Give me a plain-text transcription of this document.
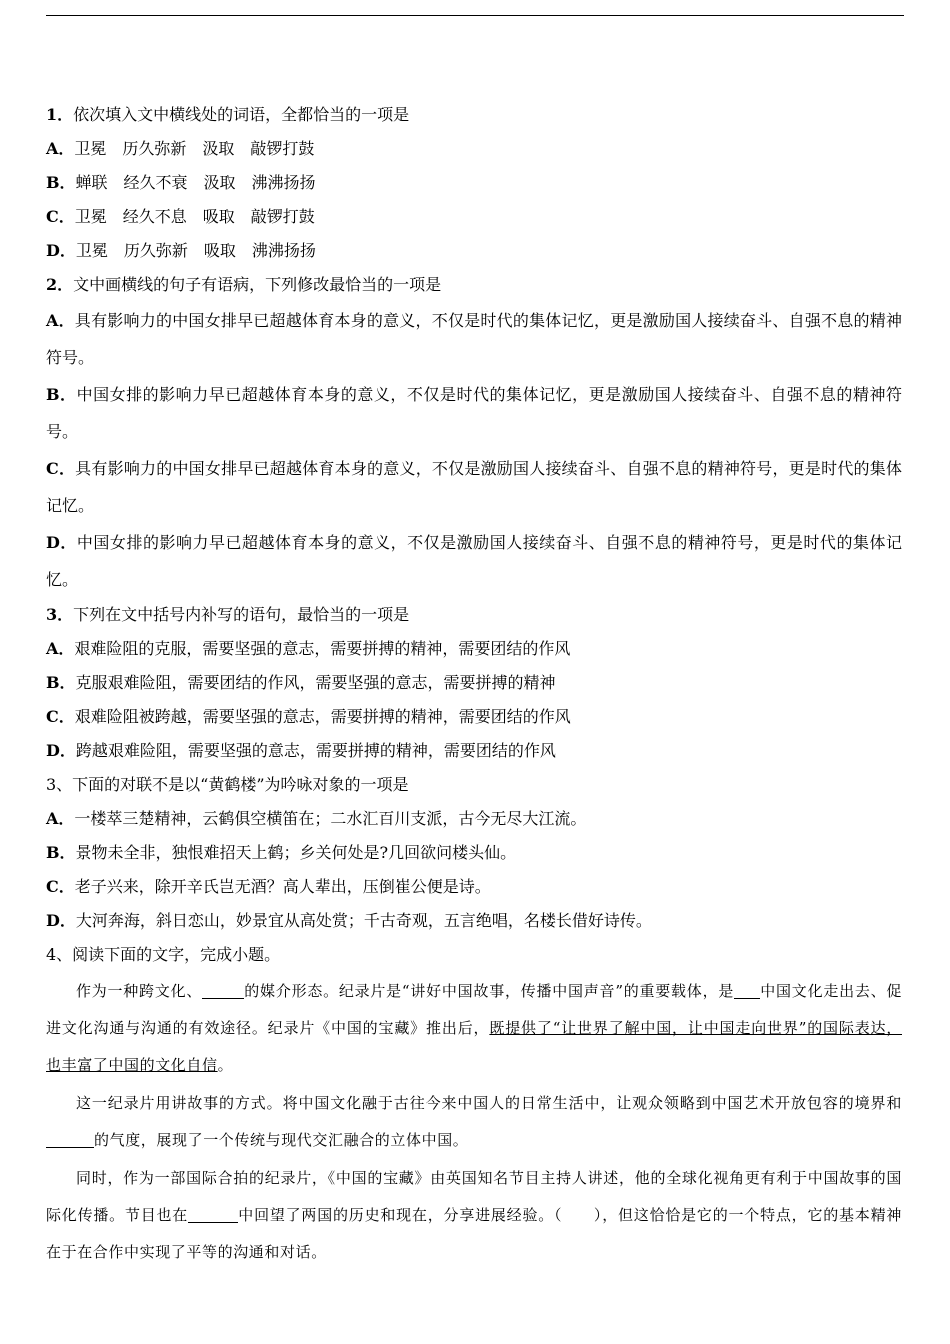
1．依次填入文中横线处的词语，全都恰当的一项是
A．卫冕　历久弥新　汲取　敲锣打鼓
B．蝉联　经久不衰　汲取　沸沸扬扬
C．卫冕　经久不息　吸取　敲锣打鼓
D．卫冕　历久弥新　吸取　沸沸扬扬
2．文中画横线的句子有语病，下列修改最恰当的一项是
A．具有影响力的中国女排早已超越体育本身的意义，不仅是时代的集体记忆，更是激励国人接续奋斗、自强不息的精神符号。
B．中国女排的影响力早已超越体育本身的意义，不仅是时代的集体记忆，更是激励国人接续奋斗、自强不息的精神符号。
C．具有影响力的中国女排早已超越体育本身的意义，不仅是激励国人接续奋斗、自强不息的精神符号，更是时代的集体记忆。
D．中国女排的影响力早已超越体育本身的意义，不仅是激励国人接续奋斗、自强不息的精神符号，更是时代的集体记忆。
3．下列在文中括号内补写的语句，最恰当的一项是
A．艰难险阻的克服，需要坚强的意志，需要拼搏的精神，需要团结的作风
B．克服艰难险阻，需要团结的作风，需要坚强的意志，需要拼搏的精神
C．艰难险阻被跨越，需要坚强的意志，需要拼搏的精神，需要团结的作风
D．跨越艰难险阻，需要坚强的意志，需要拼搏的精神，需要团结的作风
3、下面的对联不是以“黄鹤楼”为吟咏对象的一项是
A．一楼萃三楚精神，云鹤俱空横笛在；二水汇百川支派，古今无尽大江流。
B．景物未全非，独恨难招天上鹤；乡关何处是?几回欲问楼头仙。
C．老子兴来，除开辛氏岂无酒？高人辈出，压倒崔公便是诗。
D．大河奔海，斜日恋山，妙景宜从高处赏；千古奇观，五言绝唱，名楼长借好诗传。
4、阅读下面的文字，完成小题。
作为一种跨文化、	的媒介形态。纪录片是“讲好中国故事，传播中国声音”的重要载体，是 中国文化走出去、促进文化沟通与沟通的有效途径。纪录片《中国的宝藏》推出后，既提供了“让世界了解中国，让中国走向世界”的国际表达，也丰富了中国的文化自信。
这一纪录片用讲故事的方式。将中国文化融于古往今来中国人的日常生活中，让观众领略到中国艺术开放包容的境界和的气度，展现了一个传统与现代交汇融合的立体中国。
同时，作为一部国际合拍的纪录片，《中国的宝藏》由英国知名节目主持人讲述，他的全球化视角更有利于中国故事的国际化传播。节目也在	中回望了两国的历史和现在，分享进展经验。（　　），但这恰恰是它的一个特点，它的基本精神在于在合作中实现了平等的沟通和对话。
